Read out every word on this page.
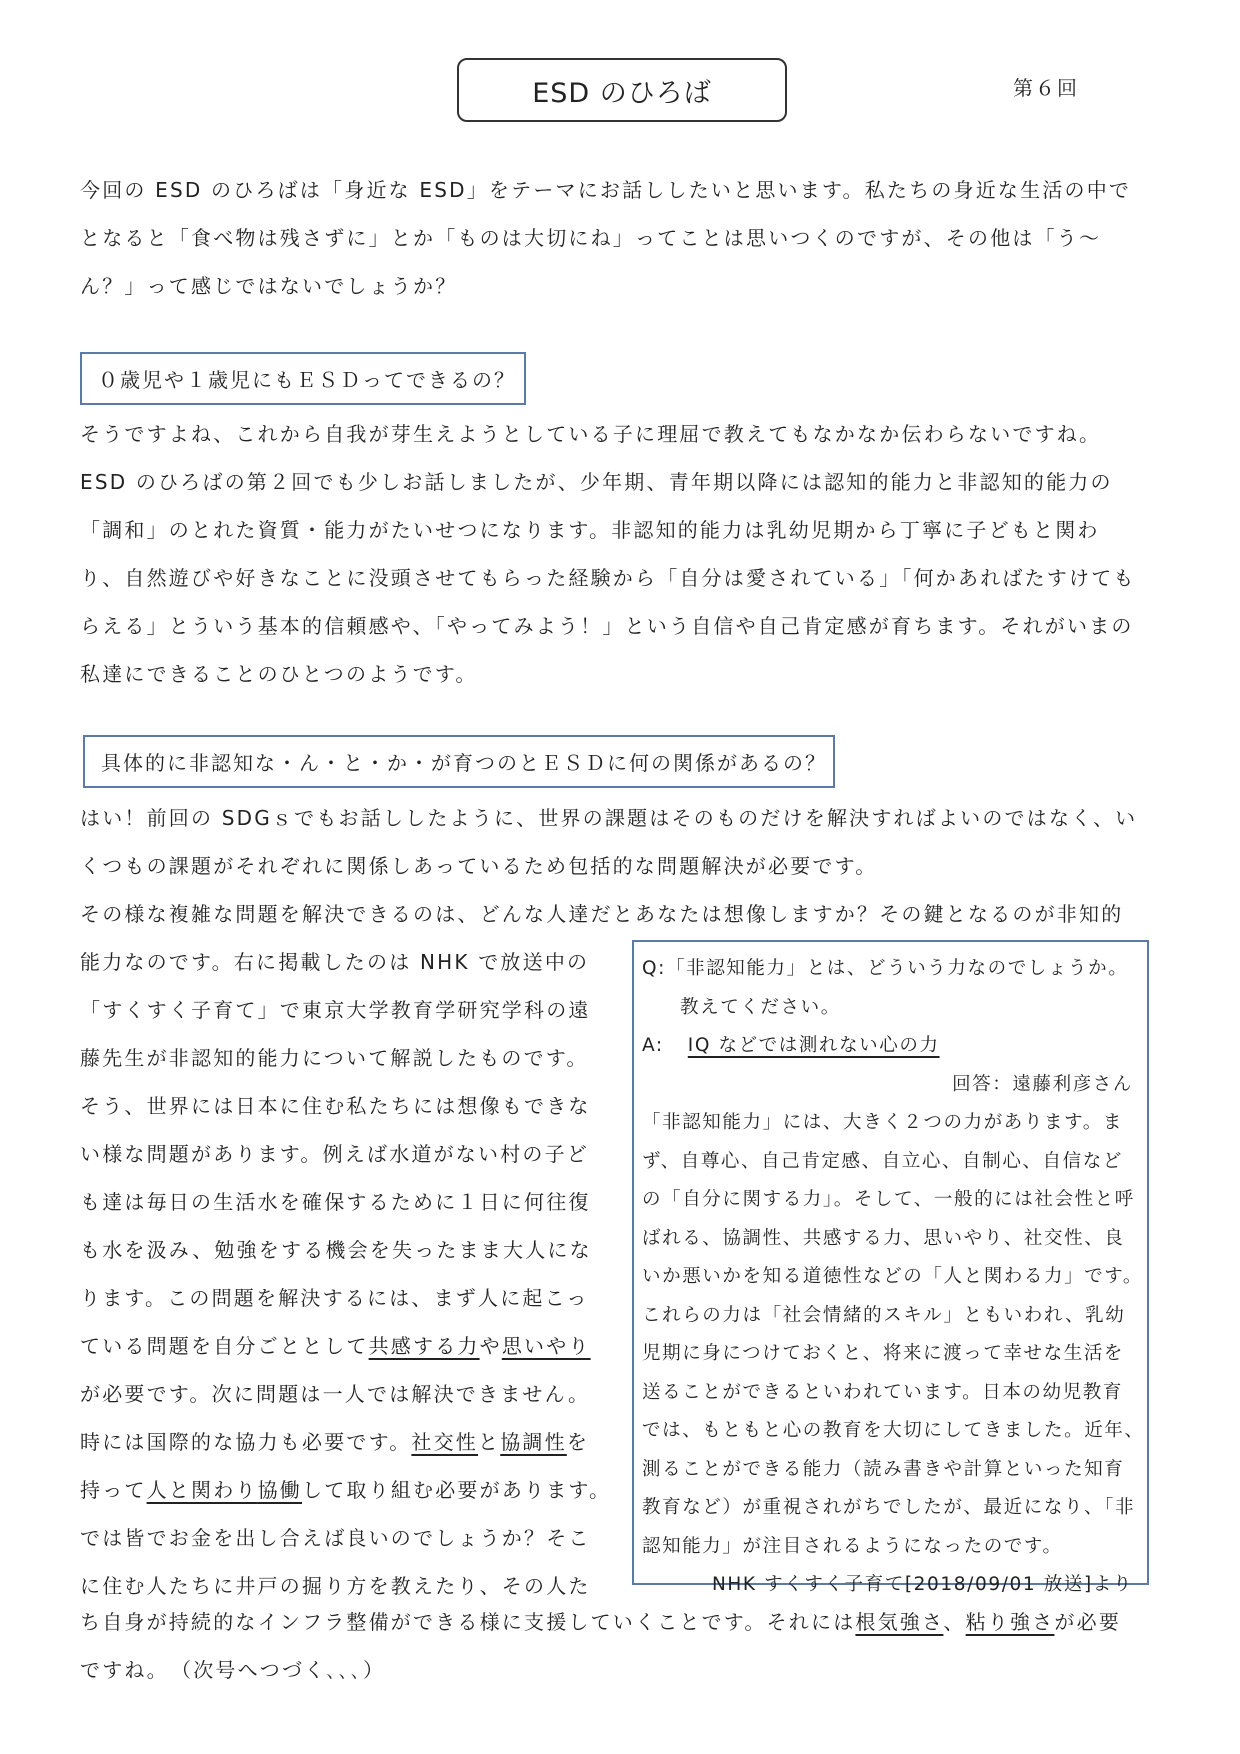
ESD のひろば	第６回
今回の ESD のひろばは「身近な ESD」をテーマにお話ししたいと思います。私たちの身近な生活の中で
となると「食べ物は残さずに」とか「ものは大切にね」ってことは思いつくのですが、その他は「う～
ん？」って感じではないでしょうか？
０歳児や１歳児にもＥＳＤってできるの？
そうですよね、これから自我が芽生えようとしている子に理屈で教えてもなかなか伝わらないですね。
ESD のひろばの第２回でも少しお話しましたが、少年期、青年期以降には認知的能力と非認知的能力の
「調和」のとれた資質・能力がたいせつになります。非認知的能力は乳幼児期から丁寧に子どもと関わ
り、自然遊びや好きなことに没頭させてもらった経験から「自分は愛されている」「何かあればたすけても
らえる」とういう基本的信頼感や、「やってみよう！」という自信や自己肯定感が育ちます。それがいまの
私達にできることのひとつのようです。
具体的に非認知な・ん・と・か・が育つのとＥＳＤに何の関係があるの？
はい！前回の SDGｓでもお話ししたように、世界の課題はそのものだけを解決すればよいのではなく、い
くつもの課題がそれぞれに関係しあっているため包括的な問題解決が必要です。
その様な複雑な問題を解決できるのは、どんな人達だとあなたは想像しますか？その鍵となるのが非知的
能力なのです。右に掲載したのは NHK で放送中の
「すくすく子育て」で東京大学教育学研究学科の遠
藤先生が非認知的能力について解説したものです。
そう、世界には日本に住む私たちには想像もできな
い様な問題があります。例えば水道がない村の子ど
も達は毎日の生活水を確保するために１日に何往復
も水を汲み、勉強をする機会を失ったまま大人にな
ります。この問題を解決するには、まず人に起こっ
ている問題を自分ごととして共感する力や思いやり
が必要です。次に問題は一人では解決できません。
時には国際的な協力も必要です。社交性と協調性を
持って人と関わり協働して取り組む必要があります。
では皆でお金を出し合えば良いのでしょうか？そこ
に住む人たちに井戸の掘り方を教えたり、その人た
Q:「非認知能力」とは、どういう力なのでしょうか。
教えてください。
A: IQ などでは測れない心の力
回答：遠藤利彦さん
「非認知能力」には、大きく２つの力があります。ま
ず、自尊心、自己肯定感、自立心、自制心、自信など
の「自分に関する力」。そして、一般的には社会性と呼
ばれる、協調性、共感する力、思いやり、社交性、良
いか悪いかを知る道徳性などの「人と関わる力」です。
これらの力は「社会情緒的スキル」ともいわれ、乳幼
児期に身につけておくと、将来に渡って幸せな生活を
送ることができるといわれています。日本の幼児教育
では、もともと心の教育を大切にしてきました。近年、
測ることができる能力（読み書きや計算といった知育
教育など）が重視されがちでしたが、最近になり、「非
認知能力」が注目されるようになったのです。
NHK すくすく子育て[2018/09/01 放送]より
ち自身が持続的なインフラ整備ができる様に支援していくことです。それには根気強さ、粘り強さが必要
ですね。　（次号へつづく､､､）
